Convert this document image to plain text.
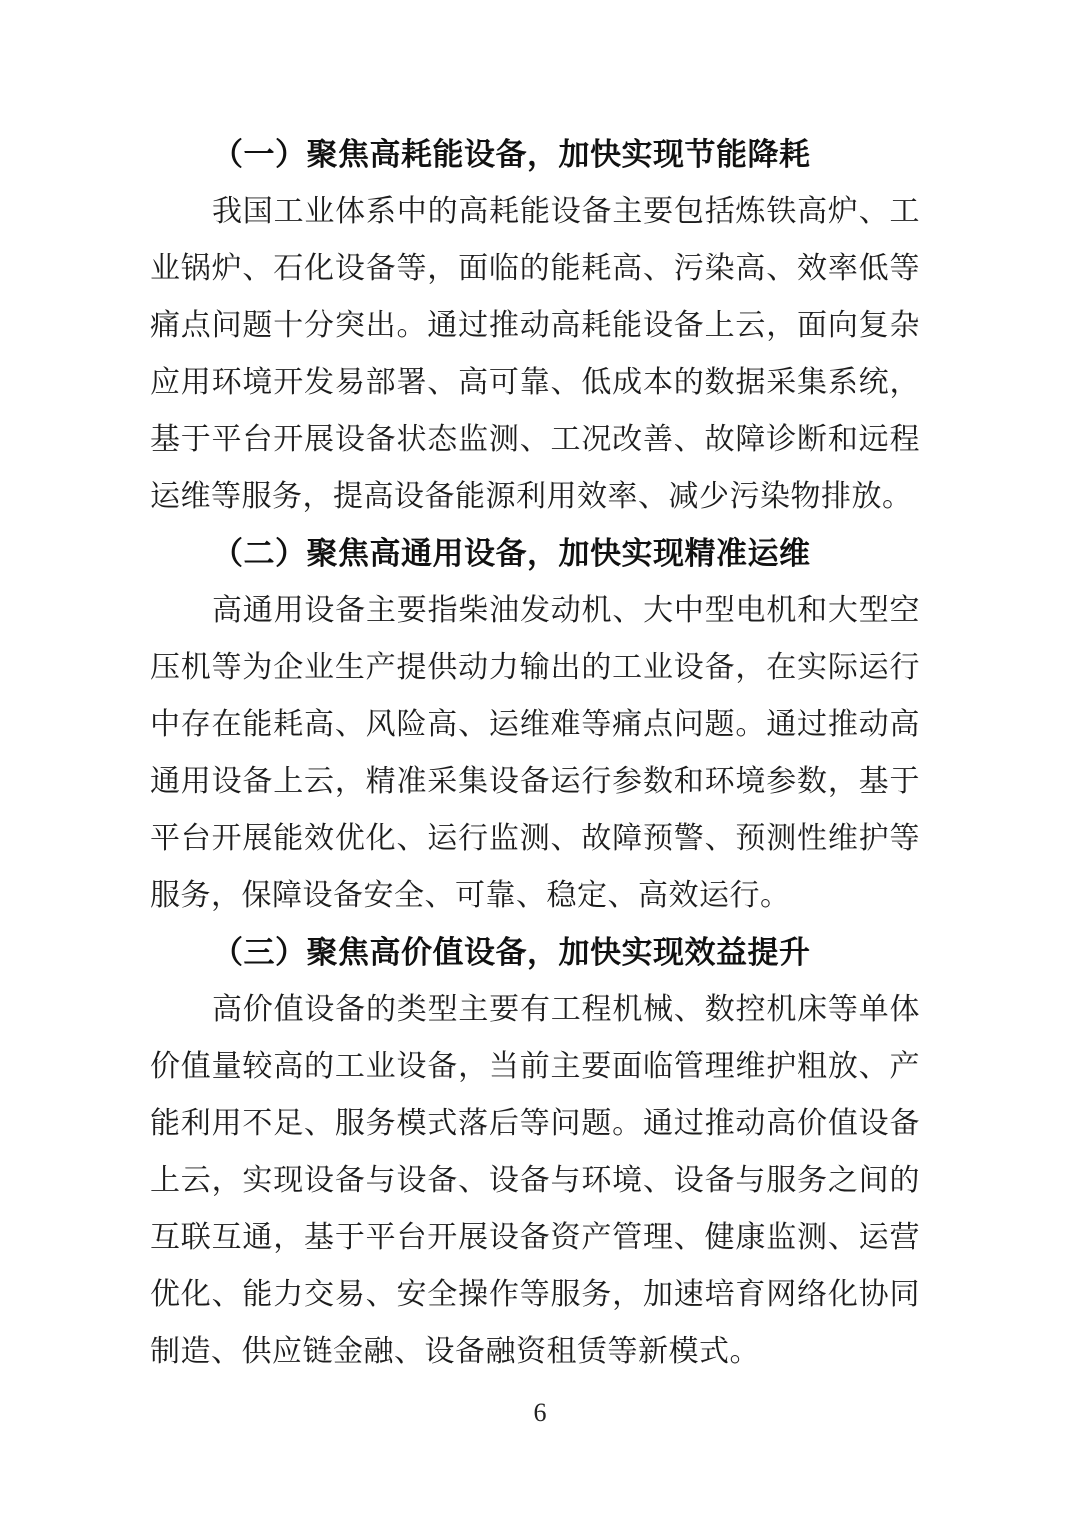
（一）聚焦高耗能设备，加快实现节能降耗
我国工业体系中的高耗能设备主要包括炼铁高炉、工
业锅炉、石化设备等，面临的能耗高、污染高、效率低等
痛点问题十分突出。通过推动高耗能设备上云，面向复杂
应用环境开发易部署、高可靠、低成本的数据采集系统，
基于平台开展设备状态监测、工况改善、故障诊断和远程
运维等服务，提高设备能源利用效率、减少污染物排放。
（二）聚焦高通用设备，加快实现精准运维
高通用设备主要指柴油发动机、大中型电机和大型空
压机等为企业生产提供动力输出的工业设备，在实际运行
中存在能耗高、风险高、运维难等痛点问题。通过推动高
通用设备上云，精准采集设备运行参数和环境参数，基于
平台开展能效优化、运行监测、故障预警、预测性维护等
服务，保障设备安全、可靠、稳定、高效运行。
（三）聚焦高价值设备，加快实现效益提升
高价值设备的类型主要有工程机械、数控机床等单体
价值量较高的工业设备，当前主要面临管理维护粗放、产
能利用不足、服务模式落后等问题。通过推动高价值设备
上云，实现设备与设备、设备与环境、设备与服务之间的
互联互通，基于平台开展设备资产管理、健康监测、运营
优化、能力交易、安全操作等服务，加速培育网络化协同
制造、供应链金融、设备融资租赁等新模式。
6
